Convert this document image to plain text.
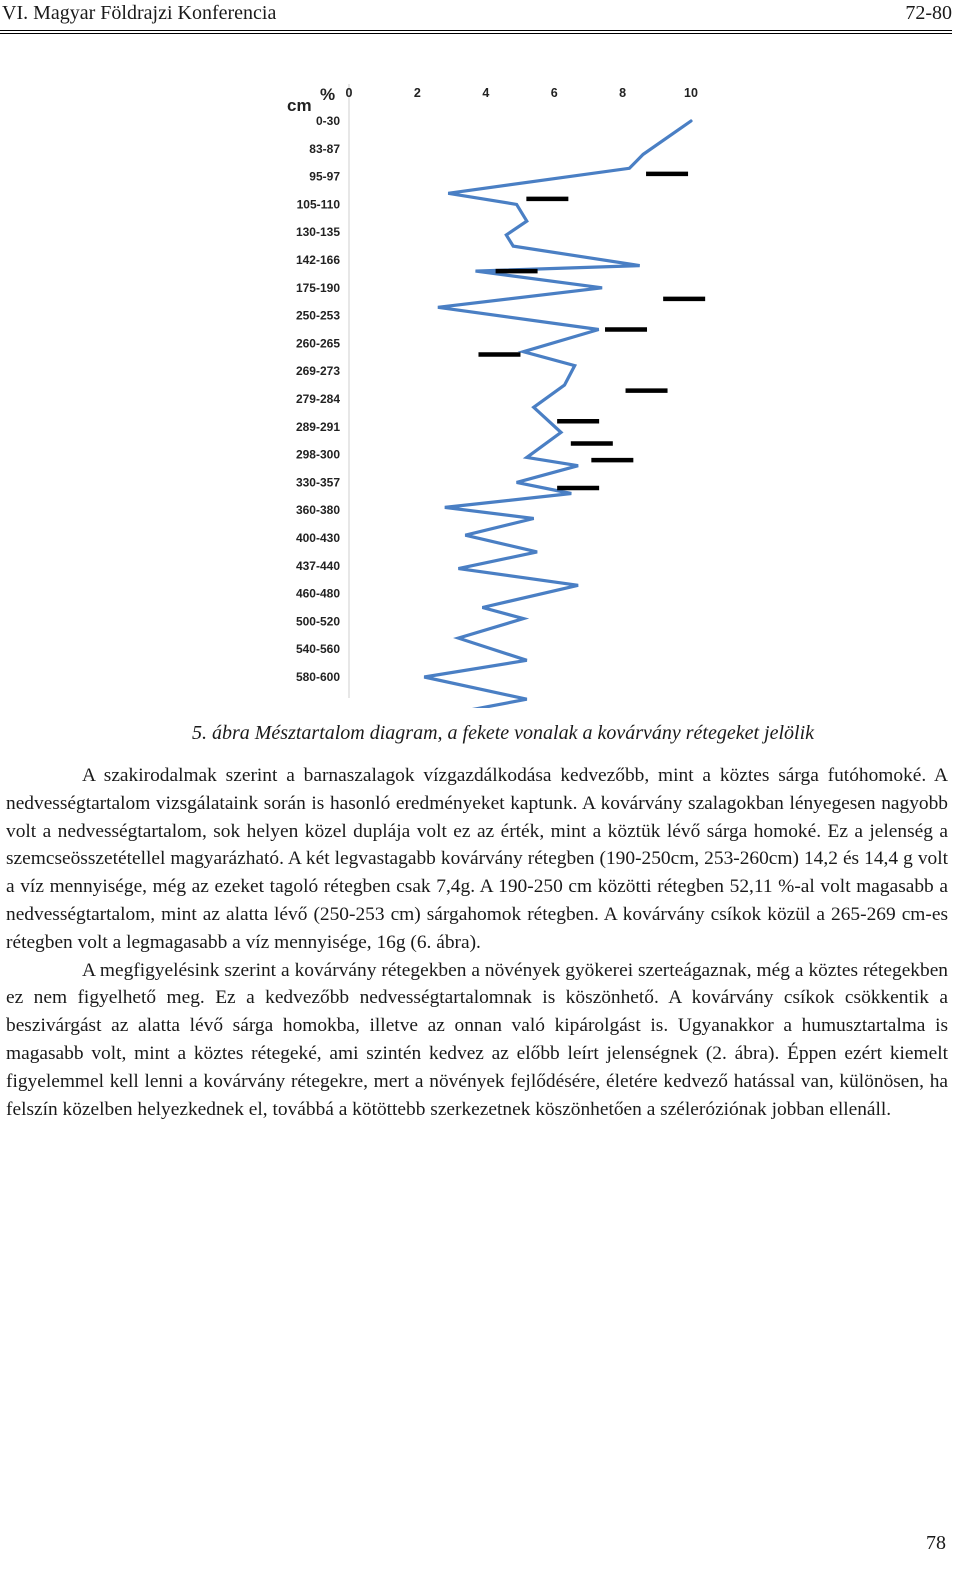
VI. Magyar Földrajzi Konferencia	72-80
%
cm
0	2	4	6	8	10
0-30
83-87
95-97
105-110
130-135
142-166
175-190
250-253
260-265
269-273
279-284
289-291
298-300
330-357
360-380
400-430
437-440
460-480
500-520
540-560
580-600
5. ábra Mésztartalom diagram, a fekete vonalak a kovárvány rétegeket jelölik

A szakirodalmak szerint a barnaszalagok vízgazdálkodása kedvezőbb, mint a köztes sárga futóhomoké. A nedvességtartalom vizsgálataink során is hasonló eredményeket kaptunk. A kovárvány szalagokban lényegesen nagyobb volt a nedvességtartalom, sok helyen közel duplája volt ez az érték, mint a köztük lévő sárga homoké. Ez a jelenség a szemcseösszetétellel magyarázható. A két legvastagabb kovárvány rétegben (190-250cm, 253-260cm) 14,2 és 14,4 g volt a víz mennyisége, még az ezeket tagoló rétegben csak 7,4g. A 190-250 cm közötti rétegben 52,11 %-al volt magasabb a nedvességtartalom, mint az alatta lévő (250-253 cm) sárgahomok rétegben. A kovárvány csíkok közül a 265-269 cm-es rétegben volt a legmagasabb a víz mennyisége, 16g (6. ábra).

A megfigyelésink szerint a kovárvány rétegekben a növények gyökerei szerteágaznak, még a köztes rétegekben ez nem figyelhető meg. Ez a kedvezőbb nedvességtartalomnak is köszönhető. A kovárvány csíkok csökkentik a beszivárgást az alatta lévő sárga homokba, illetve az onnan való kipárolgást is. Ugyanakkor a humusztartalma is magasabb volt, mint a köztes rétegeké, ami szintén kedvez az előbb leírt jelenségnek (2. ábra). Éppen ezért kiemelt figyelemmel kell lenni a kovárvány rétegekre, mert a növények fejlődésére, életére kedvező hatással van, különösen, ha felszín közelben helyezkednek el, továbbá a kötöttebb szerkezetnek köszönhetően a széleróziónak jobban ellenáll.

78
